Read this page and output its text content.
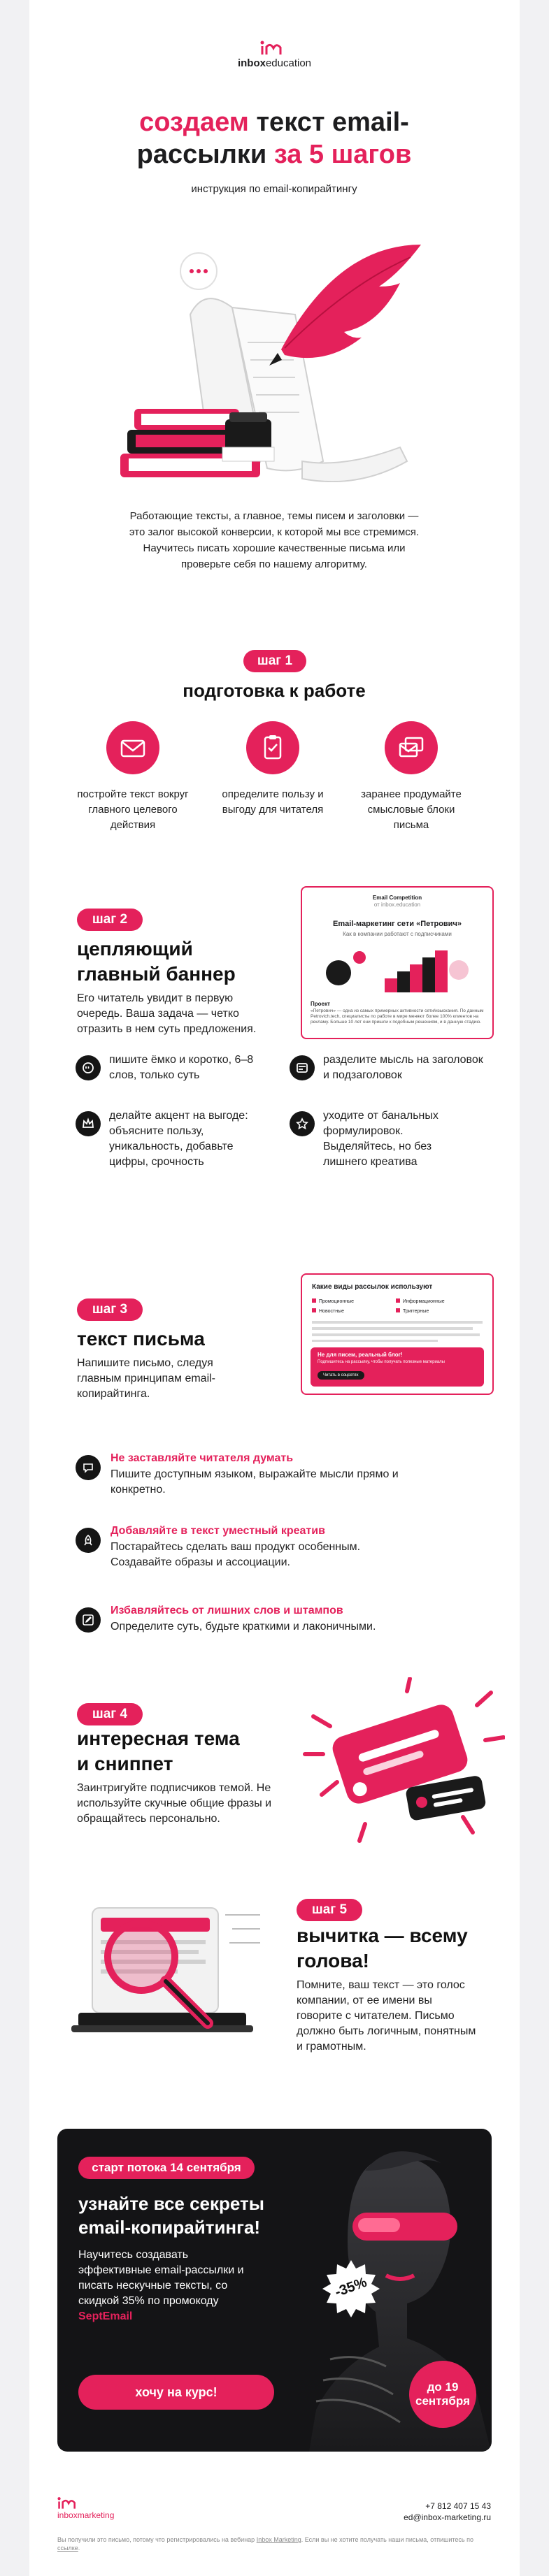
inboxeducation
создаем текст email-
рассылки за 5 шагов
инструкция по email-копирайтингу
Работающие тексты, а главное, темы писем и заголовки — это залог высокой конверсии, к которой мы все стремимся. Научитесь писать хорошие качественные письма или проверьте себя по нашему алгоритму.
шаг 1
подготовка к работе
постройте текст вокруг главного целевого действия
определите пользу и выгоду для читателя
заранее продумайте смысловые блоки письма
шаг 2
цепляющий
главный баннер
Его читатель увидит в первую очередь. Ваша задача — четко отразить в нем суть предложения.
Email Competition
от inbox.education
Email-маркетинг сети «Петрович»
Как в компании работают с подписчиками
Проект
«Петрович» — одна из самых примерных активности сети/изыскания. По данным Petrovich.tech, специалисты по работе в мире меняют более 100% клиентов на рекламу. Больше 10 лет они пришли к подобным решениям, и в данную стадию.
пишите ёмко и коротко, 6–8 слов, только суть
разделите мысль на заголовок и подзаголовок
делайте акцент на выгоде: объясните пользу, уникальность, добавьте цифры, срочность
уходите от банальных формулировок. Выделяйтесь, но без лишнего креатива
шаг 3
текст письма
Напишите письмо, следуя главным принципам email-копирайтинга.
Какие виды рассылок используют
Промоционные	Информационные
Новостные	Триггерные
Не для писем, реальный блог!
Подпишитесь на рассылку, чтобы получать полезные материалы
Читать в соцсетях
Не заставляйте читателя думать
Пишите доступным языком, выражайте мысли прямо и конкретно.
Добавляйте в текст уместный креатив
Постарайтесь сделать ваш продукт особенным. Создавайте образы и ассоциации.
Избавляйтесь от лишних слов и штампов
Определите суть, будьте краткими и лаконичными.
шаг 4
интересная тема
и сниппет
Заинтригуйте подписчиков темой. Не используйте скучные общие фразы и обращайтесь персонально.
шаг 5
вычитка — всему
голова!
Помните, ваш текст — это голос компании, от ее имени вы говорите с читателем. Письмо должно быть логичным, понятным и грамотным.
старт потока 14 сентября
узнайте все секреты
email-копирайтинга!
Научитесь создавать эффективные email-рассылки и писать нескучные тексты, со скидкой 35% по промокоду
SeptEmail
хочу на курс!
-35%
до 19
сентября
inboxmarketing
+7 812 407 15 43
ed@inbox-marketing.ru
Вы получили это письмо, потому что регистрировались на вебинар Inbox Marketing. Если вы не хотите получать наши письма, отпишитесь по ссылке.
